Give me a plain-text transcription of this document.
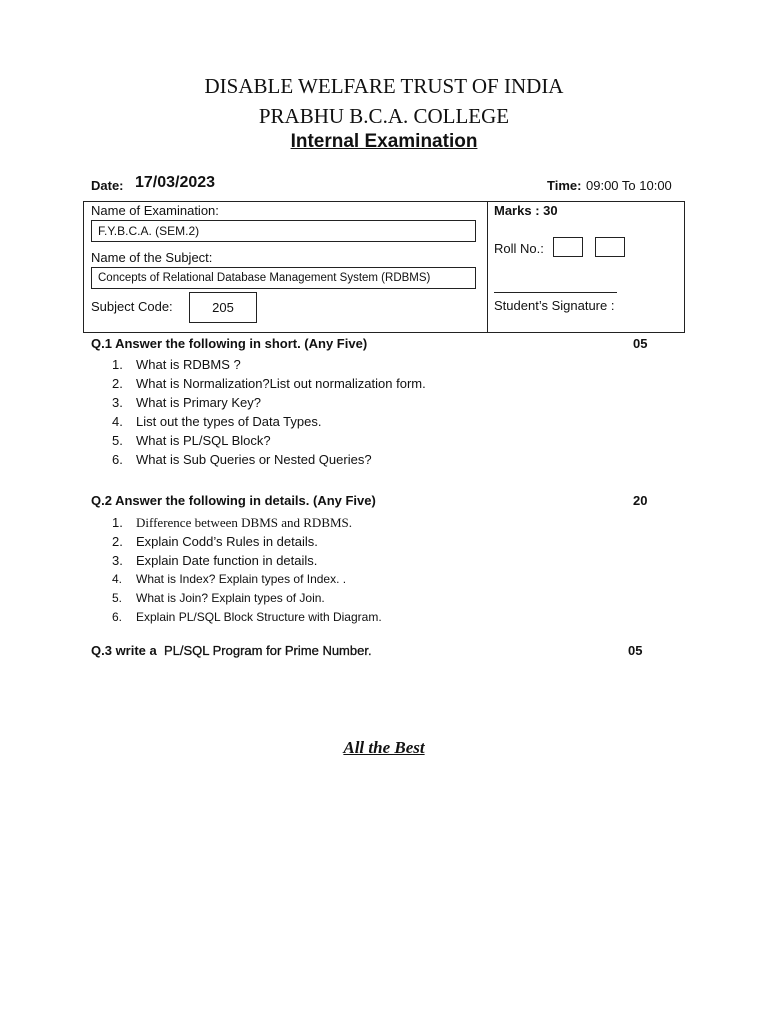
DISABLE WELFARE TRUST OF INDIA
PRABHU B.C.A. COLLEGE
Internal Examination
Date: 17/03/2023	Time: 09:00 To 10:00
Name of Examination:
F.Y.B.C.A. (SEM.2)
Name of the Subject:
Concepts of Relational Database Management System (RDBMS)
Subject Code:	205
Marks : 30
Roll No.:
Student’s Signature :
Q.1 Answer the following in short. (Any Five)	05
1.	What is RDBMS ?
2.	What is Normalization?List out normalization form.
3.	What is Primary Key?
4.	List out the types of Data Types.
5.	What is PL/SQL Block?
6.	What is Sub Queries or Nested Queries?
Q.2 Answer the following in details. (Any Five)	20
1.	Difference between DBMS and RDBMS.
2.	Explain Codd’s Rules in details.
3.	Explain Date function in details.
4.	What is Index? Explain types of Index. .
5.	What is Join? Explain types of Join.
6.	Explain PL/SQL Block Structure with Diagram.
Q.3 write a PL/SQL Program for Prime Number.	05
All the Best
